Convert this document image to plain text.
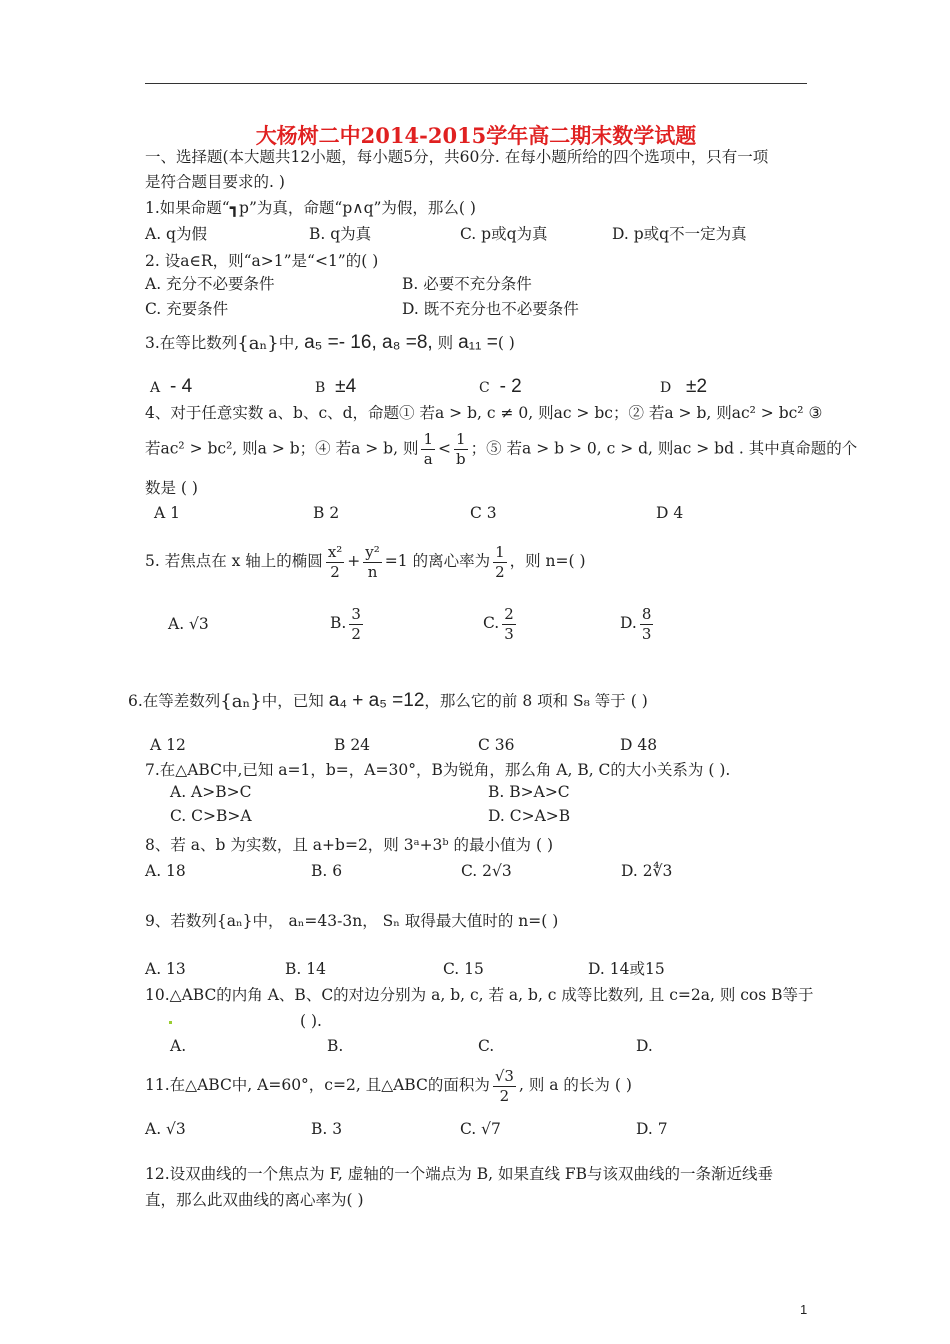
大杨树二中2014-2015学年高二期末数学试题
一、选择题(本大题共12小题，每小题5分，共60分. 在每小题所给的四个选项中，只有一项
是符合题目要求的. )
1.如果命题“┓p”为真，命题“p∧q”为假，那么( )
A. q为假	B. q为真	C. p或q为真	D. p或q不一定为真
2. 设a∈R，则“a>1”是“<1”的( )
A. 充分不必要条件	B. 必要不充分条件
C. 充要条件	D. 既不充分也不必要条件
3.在等比数列{aₙ}中, a₅ =- 16, a₈ =8, 则 a₁₁ =( )
A - 4	B ±4	C - 2	D ±2
4、对于任意实数 a、b、c、d，命题① 若a > b, c ≠ 0, 则ac > bc；② 若a > b, 则ac² > bc² ③
若ac² > bc², 则a > b；④ 若a > b, 则 $\frac{1}{a} < \frac{1}{b}$ ；⑤ 若a > b > 0, c > d, 则ac > bd . 其中真命题的个
数是 ( )
A 1	B 2	C 3	D 4
5. 若焦点在 x 轴上的椭圆 $\frac{\text{x²}}{2} + \frac{\text{y²}}{n} =1$ 的离心率为 $\frac{1}{2}$ ，则 n=( )
A. √3	B. $\frac{3}{2}$	C. $\frac{2}{3}$	D. $\frac{8}{3}$
6.在等差数列{aₙ}中，已知 a₄ + a₅ =12，那么它的前 8 项和 S₈ 等于 ( )
A 12	B 24	C 36	D 48
7.在△ABC中,已知 a=1，b=，A=30°，B为锐角，那么角 A, B, C的大小关系为 ( ).
A. A>B>C	B. B>A>C
C. C>B>A	D. C>A>B
8、若 a、b 为实数，且 a+b=2，则 3ᵃ+3ᵇ 的最小值为 ( )
A. 18	B. 6	C. 2√3	D. 2∜3
9、若数列{aₙ}中， aₙ=43-3n， Sₙ 取得最大值时的 n=( )
A. 13	B. 14	C. 15	D. 14或15
10.△ABC的内角 A、B、C的对边分别为 a, b, c, 若 a, b, c 成等比数列, 且 c=2a, 则 cos B等于
( ).
A.	B.	C.	D.
11.在△ABC中, A=60°，c=2, 且△ABC的面积为 $\frac{√3}{2}$ , 则 a 的长为 ( )
A. √3	B. 3	C. √7	D. 7
12.设双曲线的一个焦点为 F, 虚轴的一个端点为 B, 如果直线 FB与该双曲线的一条渐近线垂
直，那么此双曲线的离心率为( )
1
